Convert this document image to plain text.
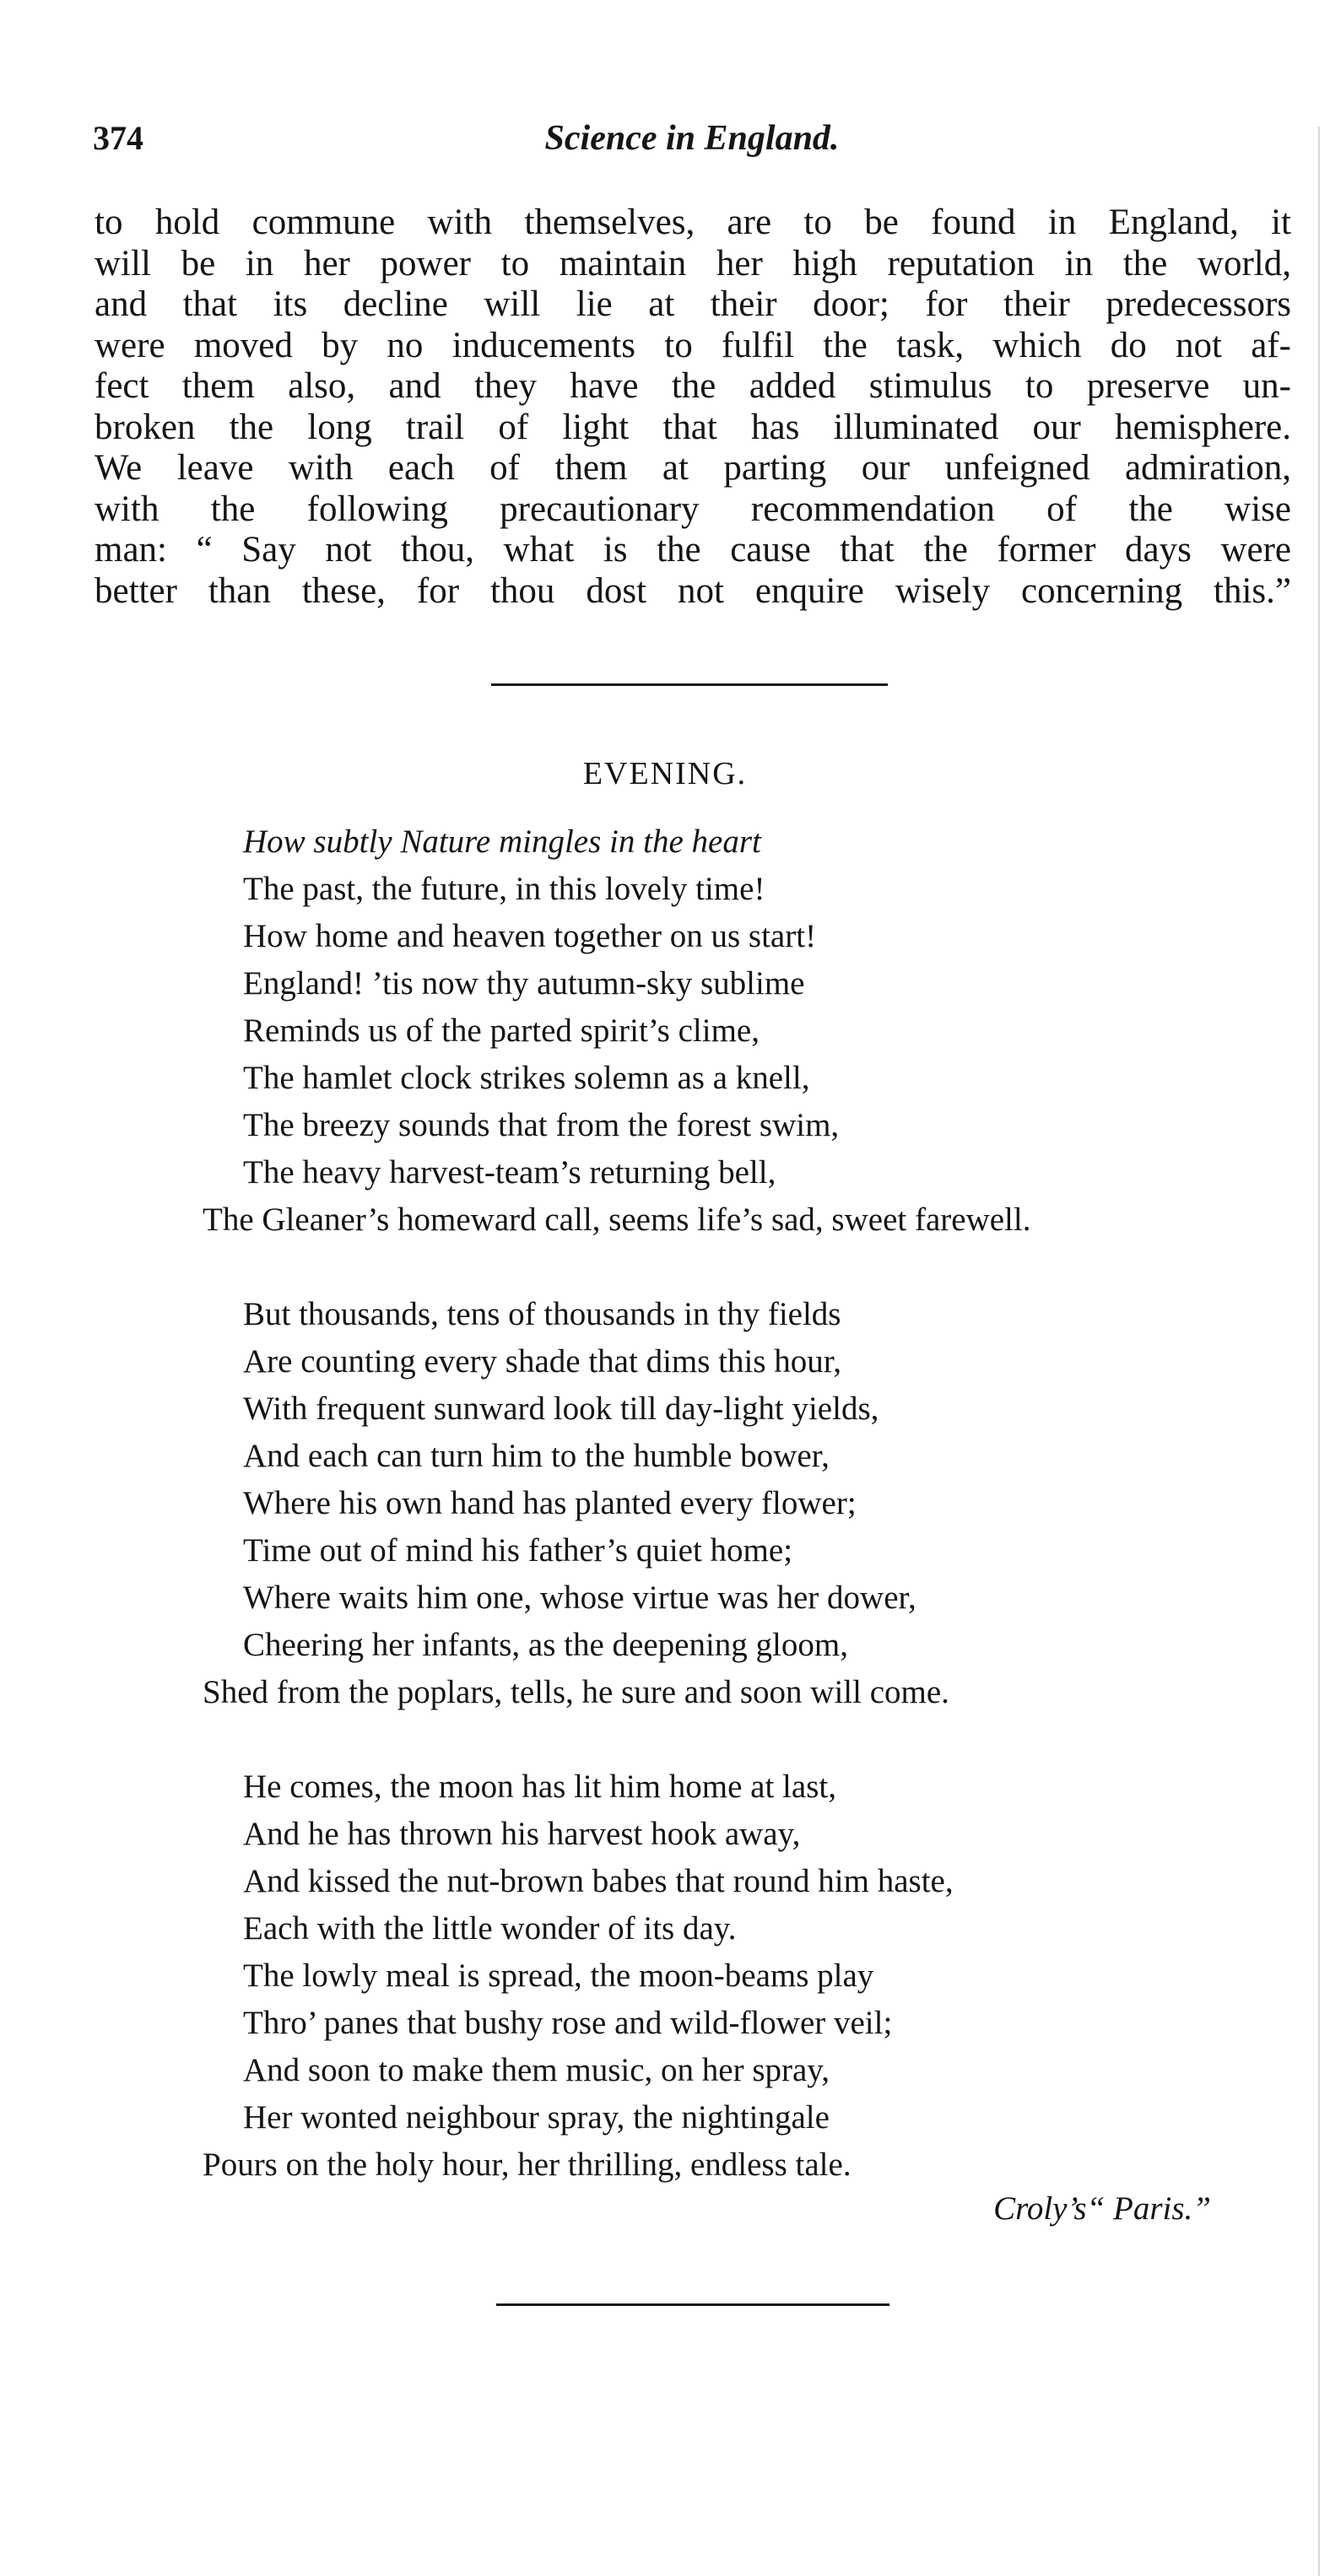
374	Science in England.
to hold commune with themselves, are to be found in England, it
will be in her power to maintain her high reputation in the world,
and that its decline will lie at their door; for their predecessors
were moved by no inducements to fulfil the task, which do not af-
fect them also, and they have the added stimulus to preserve un-
broken the long trail of light that has illuminated our hemisphere.
We leave with each of them at parting our unfeigned admiration,
with the following precautionary recommendation of the wise
man: “ Say not thou, what is the cause that the former days were
better than these, for thou dost not enquire wisely concerning this.”
EVENING.
How subtly Nature mingles in the heart
The past, the future, in this lovely time!
How home and heaven together on us start!
England! ’tis now thy autumn-sky sublime
Reminds us of the parted spirit’s clime,
The hamlet clock strikes solemn as a knell,
The breezy sounds that from the forest swim,
The heavy harvest-team’s returning bell,
The Gleaner’s homeward call, seems life’s sad, sweet farewell.
But thousands, tens of thousands in thy fields
Are counting every shade that dims this hour,
With frequent sunward look till day-light yields,
And each can turn him to the humble bower,
Where his own hand has planted every flower;
Time out of mind his father’s quiet home;
Where waits him one, whose virtue was her dower,
Cheering her infants, as the deepening gloom,
Shed from the poplars, tells, he sure and soon will come.
He comes, the moon has lit him home at last,
And he has thrown his harvest hook away,
And kissed the nut-brown babes that round him haste,
Each with the little wonder of its day.
The lowly meal is spread, the moon-beams play
Thro’ panes that bushy rose and wild-flower veil;
And soon to make them music, on her spray,
Her wonted neighbour spray, the nightingale
Pours on the holy hour, her thrilling, endless tale.
Croly’s“ Paris.”
